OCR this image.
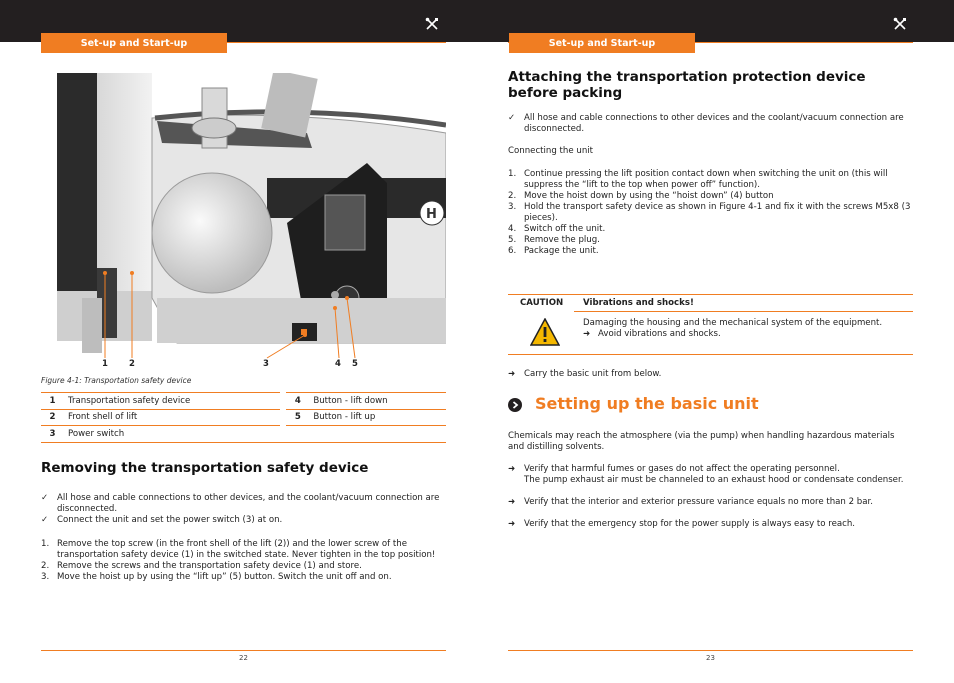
Set-up and Start-up	Set-up and Start-up
H
1 2	3	4 5
Figure 4-1: Transportation safety device
1	Transportation safety device		4	Button - lift down
2	Front shell of lift		5	Button - lift up
3	Power switch			
Removing the transportation safety device
✓	All hose and cable connections to other devices, and the coolant/vacuum connection are disconnected.
✓	Connect the unit and set the power switch (3) at on.
1. Remove the top screw (in the front shell of the lift (2)) and the lower screw of the transportation safety device (1) in the switched state. Never tighten in the top position!
2. Remove the screws and the transportation safety device (1) and store.
3. Move the hoist up by using the “lift up” (5) button. Switch the unit off and on.
22
Attaching the transportation protection device before packing
✓	All hose and cable connections to other devices and the coolant/vacuum connection are disconnected.
Connecting the unit
1. Continue pressing the lift position contact down when switching the unit on (this will suppress the “lift to the top when power off” function).
2. Move the hoist down by using the “hoist down” (4) button
3. Hold the transport safety device as shown in Figure 4-1 and fix it with the screws M5x8 (3 pieces).
4. Switch off the unit.
5. Remove the plug.
6. Package the unit.
CAUTION Vibrations and shocks!
Damaging the housing and the mechanical system of the equipment.
➜ Avoid vibrations and shocks.
➜	Carry the basic unit from below.
Setting up the basic unit
Chemicals may reach the atmosphere (via the pump) when handling hazardous materials and distilling solvents.
➜	Verify that harmful fumes or gases do not affect the operating personnel.
The pump exhaust air must be channeled to an exhaust hood or condensate condenser.
➜	Verify that the interior and exterior pressure variance equals no more than 2 bar.
➜	Verify that the emergency stop for the power supply is always easy to reach.
23
